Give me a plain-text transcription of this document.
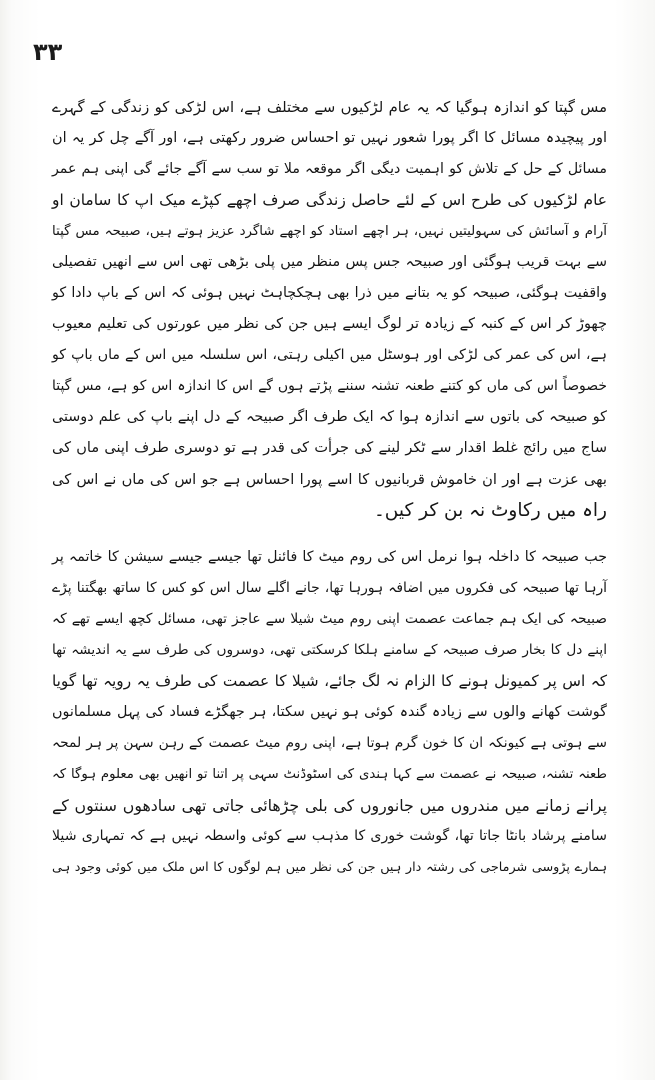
۳۳

مس گپتا کو اندازہ ہوگیا کہ یہ عام لڑکیوں سے مختلف ہے، اس لڑکی کو زندگی کے گہرے
اور پیچیدہ مسائل کا اگر پورا شعور نہیں تو احساس ضرور رکھتی ہے، اور آگے چل کر یہ ان
مسائل کے حل کے تلاش کو اہمیت دیگی اگر موقعہ ملا تو سب سے آگے جائے گی اپنی ہم عمر
عام لڑکیوں کی طرح اس کے لئے حاصل زندگی صرف اچھے کپڑے میک اپ کا سامان او
آرام و آسائش کی سہولیتیں نہیں، ہر اچھے استاد کو اچھے شاگرد عزیز ہوتے ہیں، صبیحہ مس گپتا
سے بہت قریب ہوگئی اور صبیحہ جس پس منظر میں پلی بڑھی تھی اس سے انھیں تفصیلی
واقفیت ہوگئی، صبیحہ کو یہ بتانے میں ذرا بھی ہچکچاہٹ نہیں ہوئی کہ اس کے باپ دادا کو
چھوڑ کر اس کے کنبہ کے زیادہ تر لوگ ایسے ہیں جن کی نظر میں عورتوں کی تعلیم معیوب
ہے، اس کی عمر کی لڑکی اور ہوسٹل میں اکیلی رہتی، اس سلسلہ میں اس کے ماں باپ کو
خصوصاً اس کی ماں کو کتنے طعنہ تشنہ سننے پڑتے ہوں گے اس کا اندازہ اس کو ہے، مس گپتا
کو صبیحہ کی باتوں سے اندازہ ہوا کہ ایک طرف اگر صبیحہ کے دل اپنے باپ کی علم دوستی
ساج میں رائج غلط اقدار سے ٹکر لینے کی جرأت کی قدر ہے تو دوسری طرف اپنی ماں کی
بھی عزت ہے اور ان خاموش قربانیوں کا اسے پورا احساس ہے جو اس کی ماں نے اس کی
راہ میں رکاوٹ نہ بن کر کیں۔

جب صبیحہ کا داخلہ ہوا نرمل اس کی روم میٹ کا فائنل تھا جیسے جیسے سیشن کا خاتمہ پر
آرہا تھا صبیحہ کی فکروں میں اضافہ ہورہا تھا، جانے اگلے سال اس کو کس کا ساتھ بھگتنا پڑے
صبیحہ کی ایک ہم جماعت عصمت اپنی روم میٹ شیلا سے عاجز تھی، مسائل کچھ ایسے تھے کہ
اپنے دل کا بخار صرف صبیحہ کے سامنے ہلکا کرسکتی تھی، دوسروں کی طرف سے یہ اندیشہ تھا
کہ اس پر کمیونل ہونے کا الزام نہ لگ جائے، شیلا کا عصمت کی طرف یہ رویہ تھا گویا
گوشت کھانے والوں سے زیادہ گندہ کوئی ہو نہیں سکتا، ہر جھگڑے فساد کی پہل مسلمانوں
سے ہوتی ہے کیونکہ ان کا خون گرم ہوتا ہے، اپنی روم میٹ عصمت کے رہن سہن پر ہر لمحہ
طعنہ تشنہ، صبیحہ نے عصمت سے کہا ہندی کی اسٹوڈنٹ سہی پر اتنا تو انھیں بھی معلوم ہوگا کہ
پرانے زمانے میں مندروں میں جانوروں کی بلی چڑھائی جاتی تھی سادھوں سنتوں کے
سامنے پرشاد بانٹا جاتا تھا، گوشت خوری کا مذہب سے کوئی واسطہ نہیں ہے کہ تمہاری شیلا
ہمارے پڑوسی شرماجی کی رشتہ دار ہیں جن کی نظر میں ہم لوگوں کا اس ملک میں کوئی وجود ہی
